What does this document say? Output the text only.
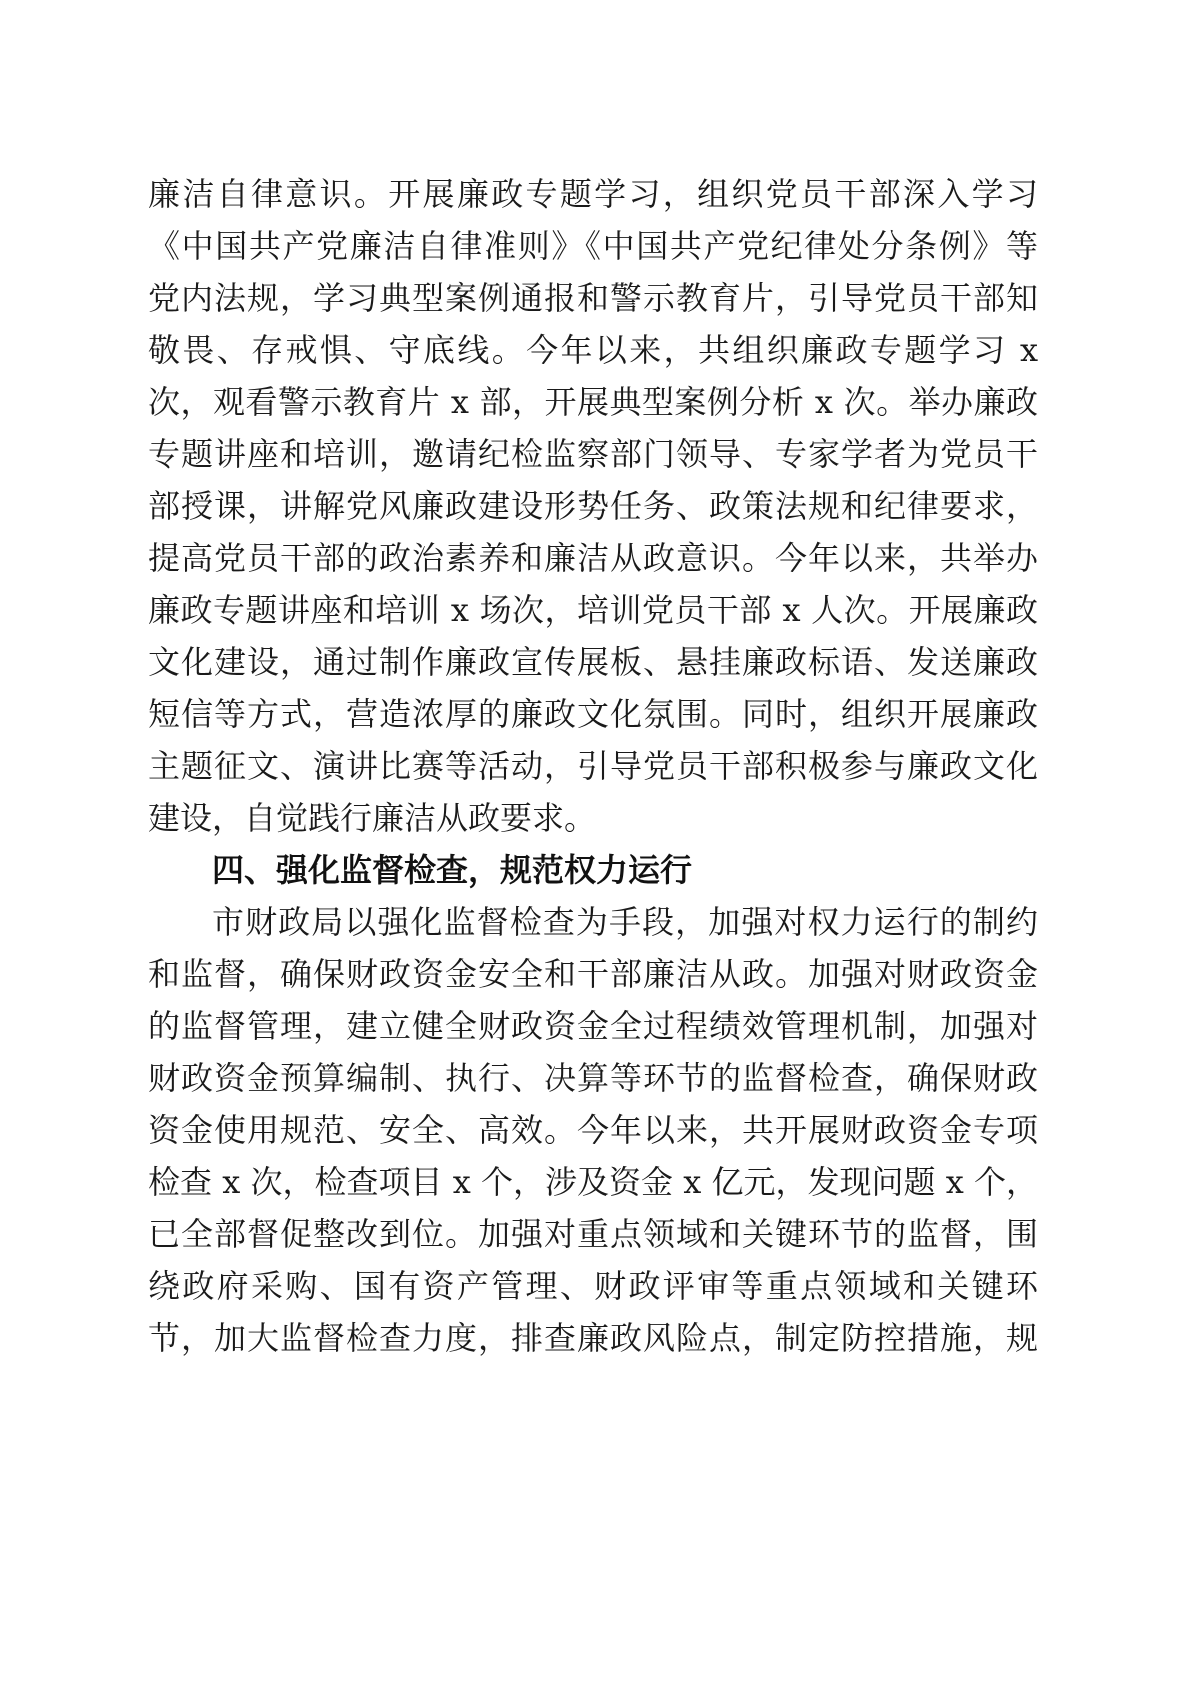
廉洁自律意识。开展廉政专题学习，组织党员干部深入学习
《中国共产党廉洁自律准则》《中国共产党纪律处分条例》等
党内法规，学习典型案例通报和警示教育片，引导党员干部知
敬畏、存戒惧、守底线。今年以来，共组织廉政专题学习 x
次，观看警示教育片 x 部，开展典型案例分析 x 次。举办廉政
专题讲座和培训，邀请纪检监察部门领导、专家学者为党员干
部授课，讲解党风廉政建设形势任务、政策法规和纪律要求，
提高党员干部的政治素养和廉洁从政意识。今年以来，共举办
廉政专题讲座和培训 x 场次，培训党员干部 x 人次。开展廉政
文化建设，通过制作廉政宣传展板、悬挂廉政标语、发送廉政
短信等方式，营造浓厚的廉政文化氛围。同时，组织开展廉政
主题征文、演讲比赛等活动，引导党员干部积极参与廉政文化
建设，自觉践行廉洁从政要求。
四、强化监督检查，规范权力运行
市财政局以强化监督检查为手段，加强对权力运行的制约
和监督，确保财政资金安全和干部廉洁从政。加强对财政资金
的监督管理，建立健全财政资金全过程绩效管理机制，加强对
财政资金预算编制、执行、决算等环节的监督检查，确保财政
资金使用规范、安全、高效。今年以来，共开展财政资金专项
检查 x 次，检查项目 x 个，涉及资金 x 亿元，发现问题 x 个，
已全部督促整改到位。加强对重点领域和关键环节的监督，围
绕政府采购、国有资产管理、财政评审等重点领域和关键环
节，加大监督检查力度，排查廉政风险点，制定防控措施，规
